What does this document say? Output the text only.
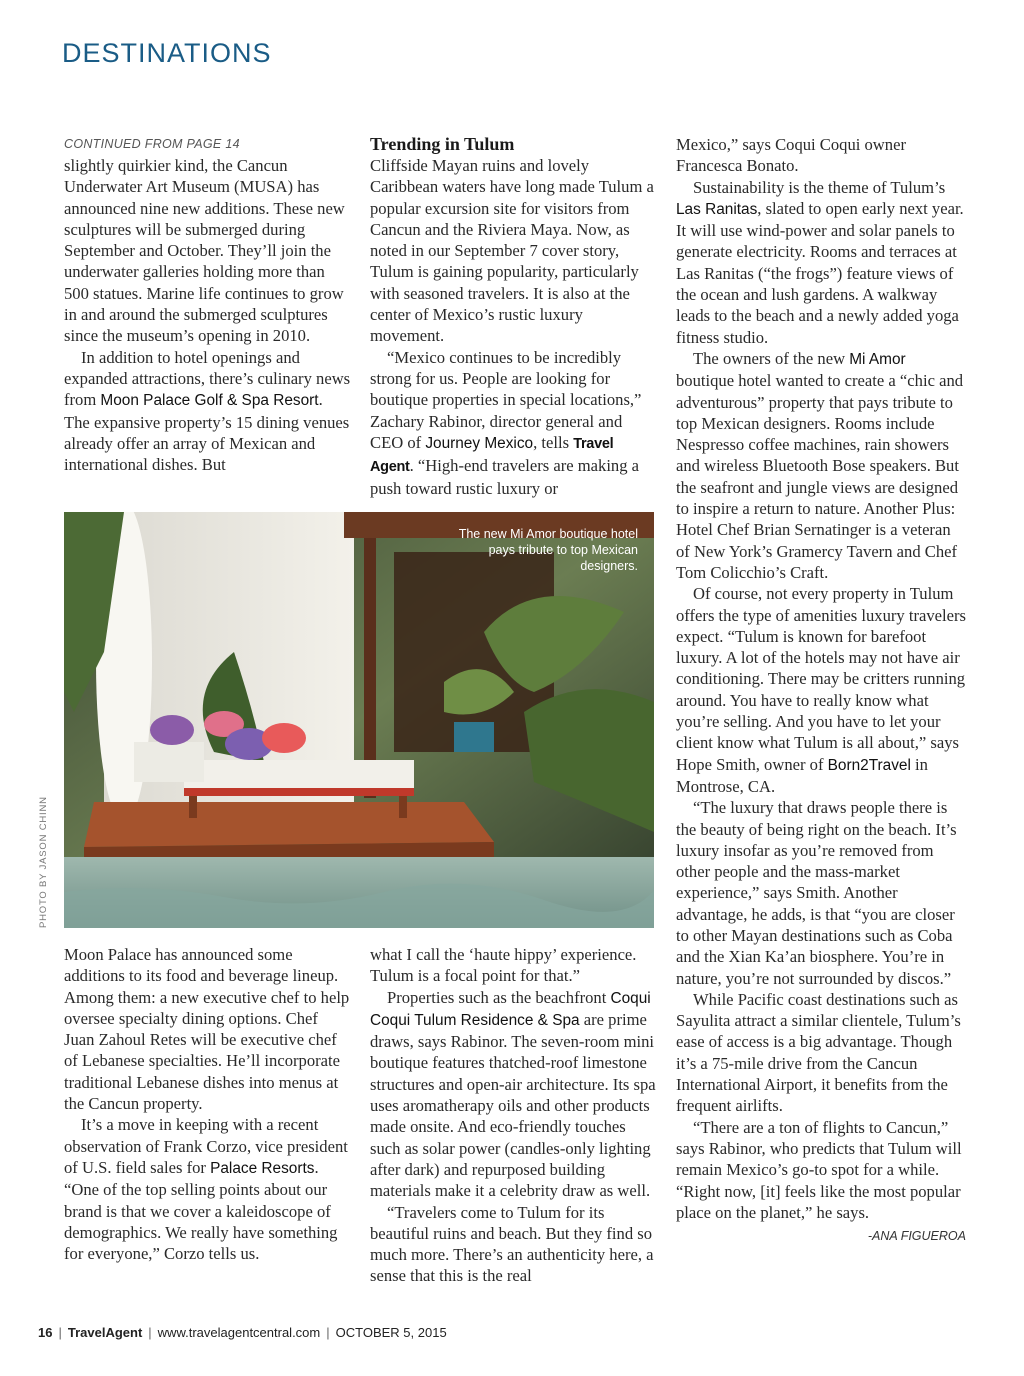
DESTINATIONS
CONTINUED FROM PAGE 14

slightly quirkier kind, the Cancun Underwater Art Museum (MUSA) has announced nine new additions. These new sculptures will be submerged during September and October. They’ll join the underwater galleries holding more than 500 statues. Marine life continues to grow in and around the submerged sculptures since the museum’s opening in 2010.

In addition to hotel openings and expanded attractions, there’s culinary news from Moon Palace Golf & Spa Resort. The expansive property’s 15 dining venues already offer an array of Mexican and international dishes. But

Trending in Tulum

Cliffside Mayan ruins and lovely Caribbean waters have long made Tulum a popular excursion site for visitors from Cancun and the Riviera Maya. Now, as noted in our September 7 cover story, Tulum is gaining popularity, particularly with seasoned travelers. It is also at the center of Mexico’s rustic luxury movement.

“Mexico continues to be incredibly strong for us. People are looking for boutique properties in special locations,” Zachary Rabinor, director general and CEO of Journey Mexico, tells Travel Agent. “High-end travelers are making a push toward rustic luxury or

The new Mi Amor boutique hotel pays tribute to top Mexican designers.
PHOTO BY JASON CHINN

Moon Palace has announced some additions to its food and beverage lineup. Among them: a new executive chef to help oversee specialty dining options. Chef Juan Zahoul Retes will be executive chef of Lebanese specialties. He’ll incorporate traditional Lebanese dishes into menus at the Cancun property.

It’s a move in keeping with a recent observation of Frank Corzo, vice president of U.S. field sales for Palace Resorts. “One of the top selling points about our brand is that we cover a kaleidoscope of demographics. We really have something for everyone,” Corzo tells us.

what I call the ‘haute hippy’ experience. Tulum is a focal point for that.”

Properties such as the beachfront Coqui Coqui Tulum Residence & Spa are prime draws, says Rabinor. The seven-room mini boutique features thatched-roof limestone structures and open-air architecture. Its spa uses aromatherapy oils and other products made onsite. And eco-friendly touches such as solar power (candles-only lighting after dark) and repurposed building materials make it a celebrity draw as well.

“Travelers come to Tulum for its beautiful ruins and beach. But they find so much more. There’s an authenticity here, a sense that this is the real

Mexico,” says Coqui Coqui owner Francesca Bonato.

Sustainability is the theme of Tulum’s Las Ranitas, slated to open early next year. It will use wind-power and solar panels to generate electricity. Rooms and terraces at Las Ranitas (“the frogs”) feature views of the ocean and lush gardens. A walkway leads to the beach and a newly added yoga fitness studio.

The owners of the new Mi Amor boutique hotel wanted to create a “chic and adventurous” property that pays tribute to top Mexican designers. Rooms include Nespresso coffee machines, rain showers and wireless Bluetooth Bose speakers. But the seafront and jungle views are designed to inspire a return to nature. Another Plus: Hotel Chef Brian Sernatinger is a veteran of New York’s Gramercy Tavern and Chef Tom Colicchio’s Craft.

Of course, not every property in Tulum offers the type of amenities luxury travelers expect. “Tulum is known for barefoot luxury. A lot of the hotels may not have air conditioning. There may be critters running around. You have to really know what you’re selling. And you have to let your client know what Tulum is all about,” says Hope Smith, owner of Born2Travel in Montrose, CA.

“The luxury that draws people there is the beauty of being right on the beach. It’s luxury insofar as you’re removed from other people and the mass-market experience,” says Smith. Another advantage, he adds, is that “you are closer to other Mayan destinations such as Coba and the Xian Ka’an biosphere. You’re in nature, you’re not surrounded by discos.”

While Pacific coast destinations such as Sayulita attract a similar clientele, Tulum’s ease of access is a big advantage. Though it’s a 75-mile drive from the Cancun International Airport, it benefits from the frequent airlifts.

“There are a ton of flights to Cancun,” says Rabinor, who predicts that Tulum will remain Mexico’s go-to spot for a while. “Right now, [it] feels like the most popular place on the planet,” he says.
-ANA FIGUEROA

16 | TravelAgent | www.travelagentcentral.com | OCTOBER 5, 2015
